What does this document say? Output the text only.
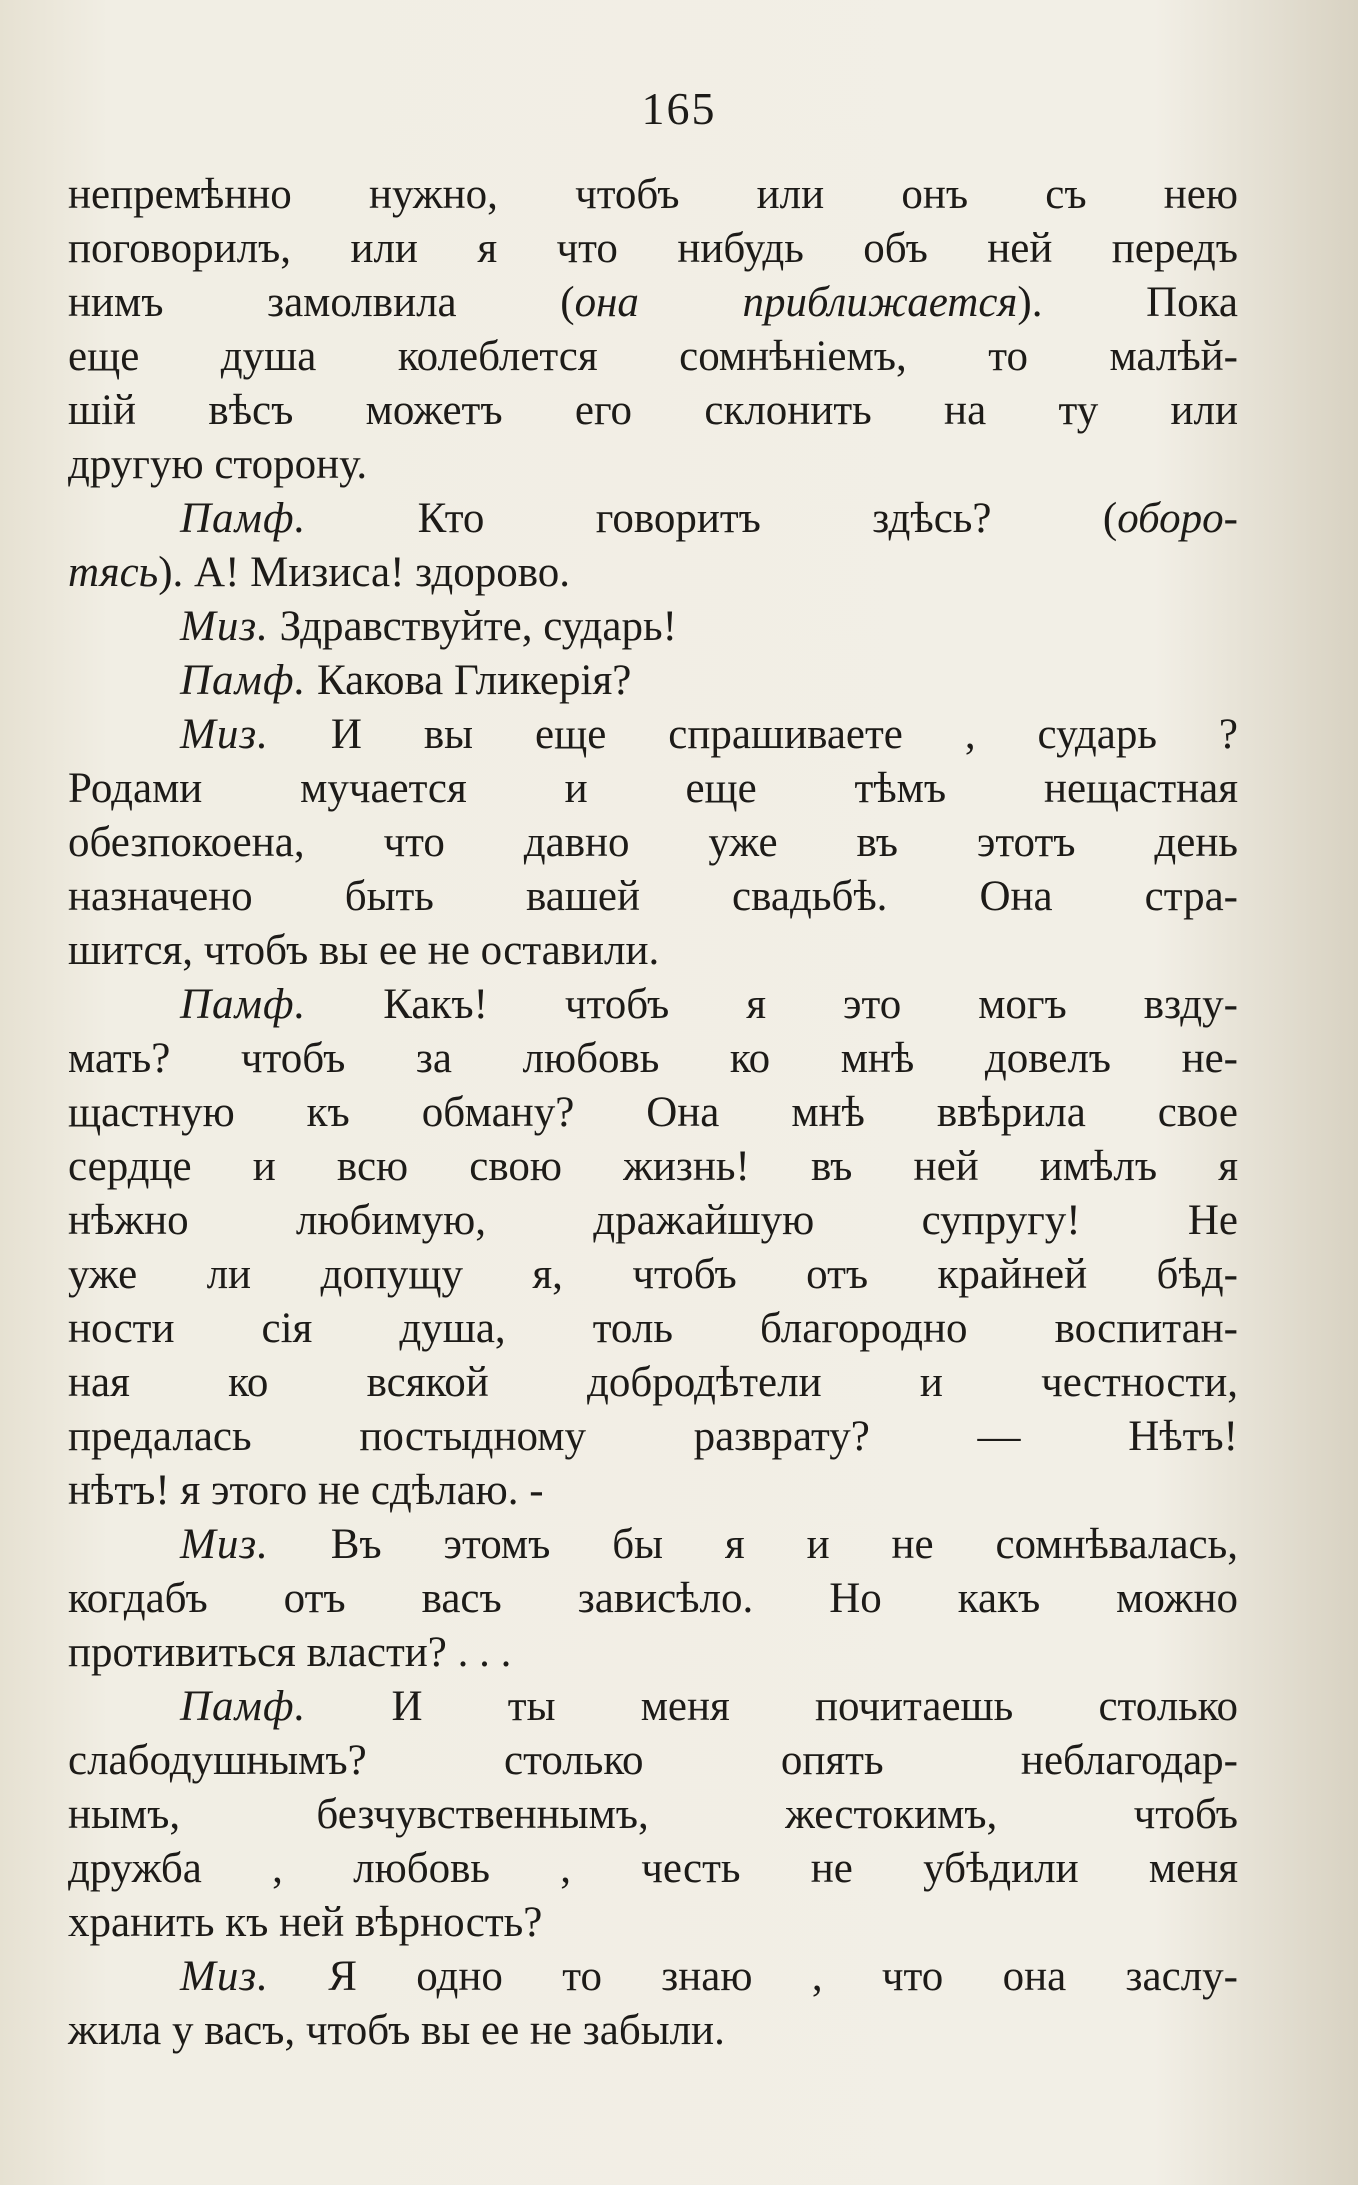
165
непремѣнно нужно, чтобъ или онъ съ нею
поговорилъ, или я что нибудь объ ней передъ
нимъ замолвила (она приближается). Пока
еще душа колеблется сомнѣнiемъ, то малѣй-
шiй вѣсъ можетъ его склонить на ту или
другую сторону.
Памф. Кто говоритъ здѣсь? (оборо-
тясь). А! Мизиса! здорово.
Миз. Здравствуйте, сударь!
Памф. Какова Гликерiя?
Миз. И вы еще спрашиваете , сударь ?
Родами мучается и еще тѣмъ нещастная
обезпокоена, что давно уже въ этотъ день
назначено быть вашей свадьбѣ. Она стра-
шится, чтобъ вы ее не оставили.
Памф. Какъ! чтобъ я это могъ взду-
мать? чтобъ за любовь ко мнѣ довелъ не-
щастную къ обману? Она мнѣ ввѣрила свое
сердце и всю свою жизнь! въ ней имѣлъ я
нѣжно любимую, дражайшую супругу! Не
уже ли допущу я, чтобъ отъ крайней бѣд-
ности сiя душа, толь благородно воспитан-
ная ко всякой добродѣтели и честности,
предалась постыдному разврату? — Нѣтъ!
нѣтъ! я этого не сдѣлаю. -
Миз. Въ этомъ бы я и не сомнѣвалась,
когдабъ отъ васъ зависѣло. Но какъ можно
противиться власти? . . .
Памф. И ты меня почитаешь столько
слабодушнымъ? столько опять неблагодар-
нымъ, безчувственнымъ, жестокимъ, чтобъ
дружба , любовь , честь не убѣдили меня
хранить къ ней вѣрность?
Миз. Я одно то знаю , что она заслу-
жила у васъ, чтобъ вы ее не забыли.
